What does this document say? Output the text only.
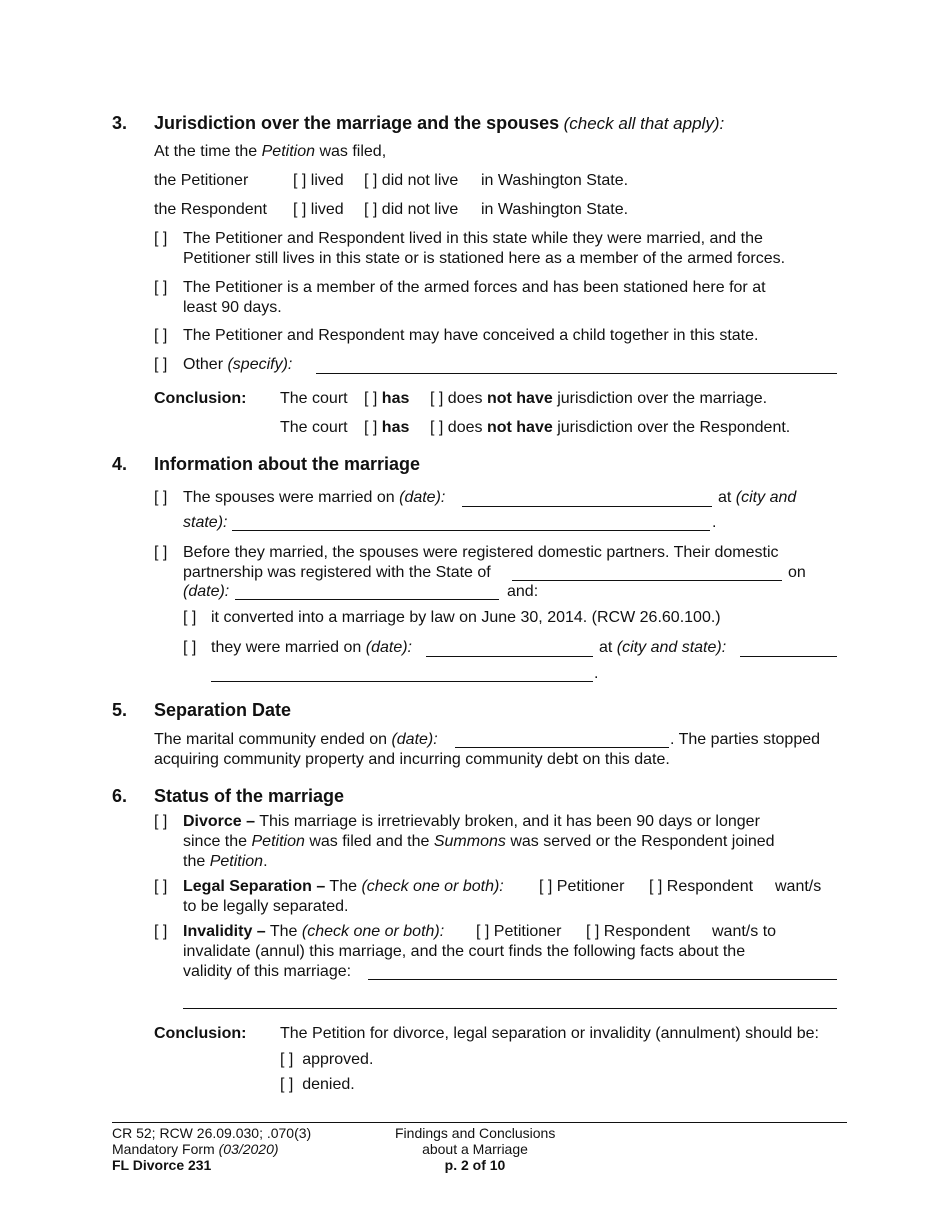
3. Jurisdiction over the marriage and the spouses (check all that apply):
At the time the Petition was filed,
the Petitioner	[ ] lived [ ] did not live in Washington State.
the Respondent [ ] lived [ ] did not live in Washington State.
[ ] The Petitioner and Respondent lived in this state while they were married, and the
Petitioner still lives in this state or is stationed here as a member of the armed forces.
[ ] The Petitioner is a member of the armed forces and has been stationed here for at
least 90 days.
[ ] The Petitioner and Respondent may have conceived a child together in this state.
[ ] Other (specify):
Conclusion: The court [ ] has [ ] does not have jurisdiction over the marriage.
The court [ ] has [ ] does not have jurisdiction over the Respondent.
4. Information about the marriage
[ ] The spouses were married on (date):	at (city and
state):	.
[ ] Before they married, the spouses were registered domestic partners. Their domestic
partnership was registered with the State of	on
(date):	and:
[ ] it converted into a marriage by law on June 30, 2014. (RCW 26.60.100.)
[ ] they were married on (date):	at (city and state):
.
5. Separation Date
The marital community ended on (date):	. The parties stopped
acquiring community property and incurring community debt on this date.
6. Status of the marriage
[ ] Divorce – This marriage is irretrievably broken, and it has been 90 days or longer
since the Petition was filed and the Summons was served or the Respondent joined
the Petition.
[ ] Legal Separation – The (check one or both): [ ] Petitioner [ ] Respondent want/s
to be legally separated.
[ ] Invalidity – The (check one or both): [ ] Petitioner [ ] Respondent want/s to
invalidate (annul) this marriage, and the court finds the following facts about the
validity of this marriage:
Conclusion: The Petition for divorce, legal separation or invalidity (annulment) should be:
[ ] approved.
[ ] denied.
CR 52; RCW 26.09.030; .070(3)
Mandatory Form (03/2020)
FL Divorce 231
Findings and Conclusions
about a Marriage
p. 2 of 10
